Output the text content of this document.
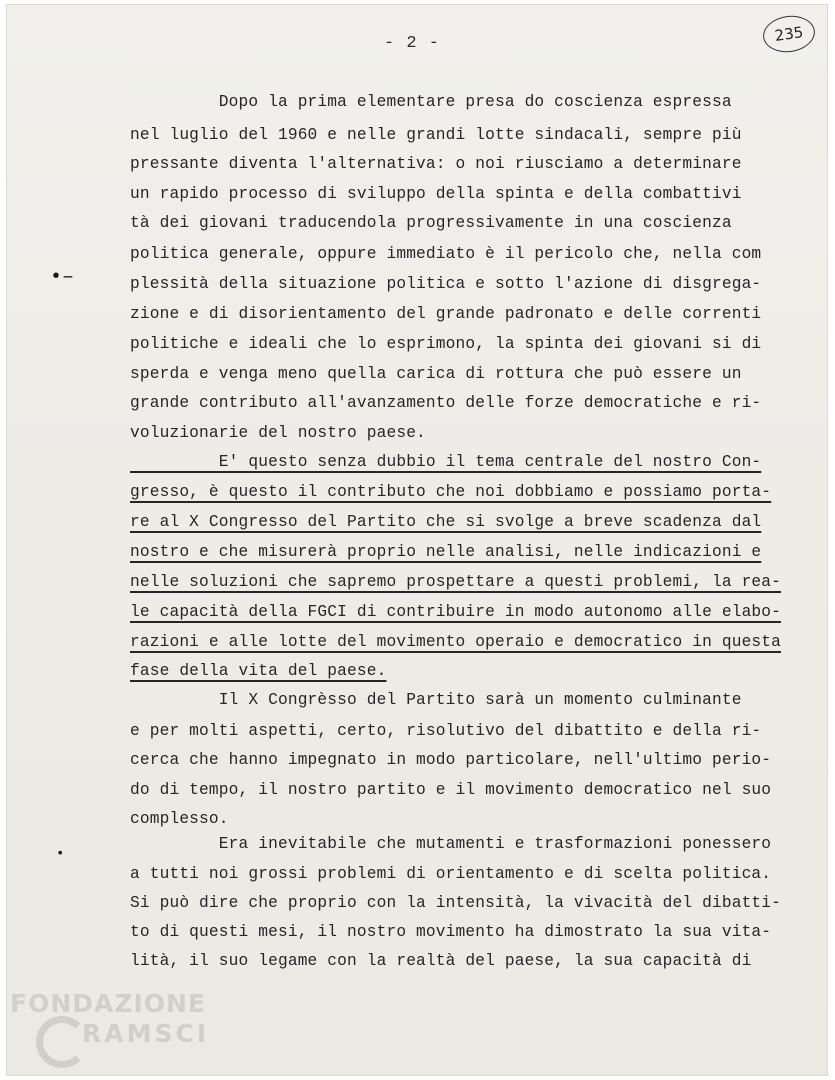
- 2 -	235
•–
•
Dopo la prima elementare presa do coscienza espressa
nel luglio del 1960 e nelle grandi lotte sindacali, sempre più
pressante diventa l'alternativa: o noi riusciamo a determinare
un rapido processo di sviluppo della spinta e della combattivi
tà dei giovani traducendola progressivamente in una coscienza
politica generale, oppure immediato è il pericolo che, nella com
plessità della situazione politica e sotto l'azione di disgrega-
zione e di disorientamento del grande padronato e delle correnti
politiche e ideali che lo esprimono, la spinta dei giovani si di
sperda e venga meno quella carica di rottura che può essere un
grande contributo all'avanzamento delle forze democratiche e ri-
voluzionarie del nostro paese.
E' questo senza dubbio il tema centrale del nostro Con-
gresso, è questo il contributo che noi dobbiamo e possiamo porta-
re al X Congresso del Partito che si svolge a breve scadenza dal
nostro e che misurerà proprio nelle analisi, nelle indicazioni e
nelle soluzioni che sapremo prospettare a questi problemi, la rea-
le capacità della FGCI di contribuire in modo autonomo alle elabo-
razioni e alle lotte del movimento operaio e democratico in questa
fase della vita del paese.
Il X Congrèsso del Partito sarà un momento culminante
e per molti aspetti, certo, risolutivo del dibattito e della ri-
cerca che hanno impegnato in modo particolare, nell'ultimo perio-
do di tempo, il nostro partito e il movimento democratico nel suo
complesso.
Era inevitabile che mutamenti e trasformazioni ponessero
a tutti noi grossi problemi di orientamento e di scelta politica.
Si può dire che proprio con la intensità, la vivacità del dibatti-
to di questi mesi, il nostro movimento ha dimostrato la sua vita-
lità, il suo legame con la realtà del paese, la sua capacità di
FONDAZIONE
RAMSCI
